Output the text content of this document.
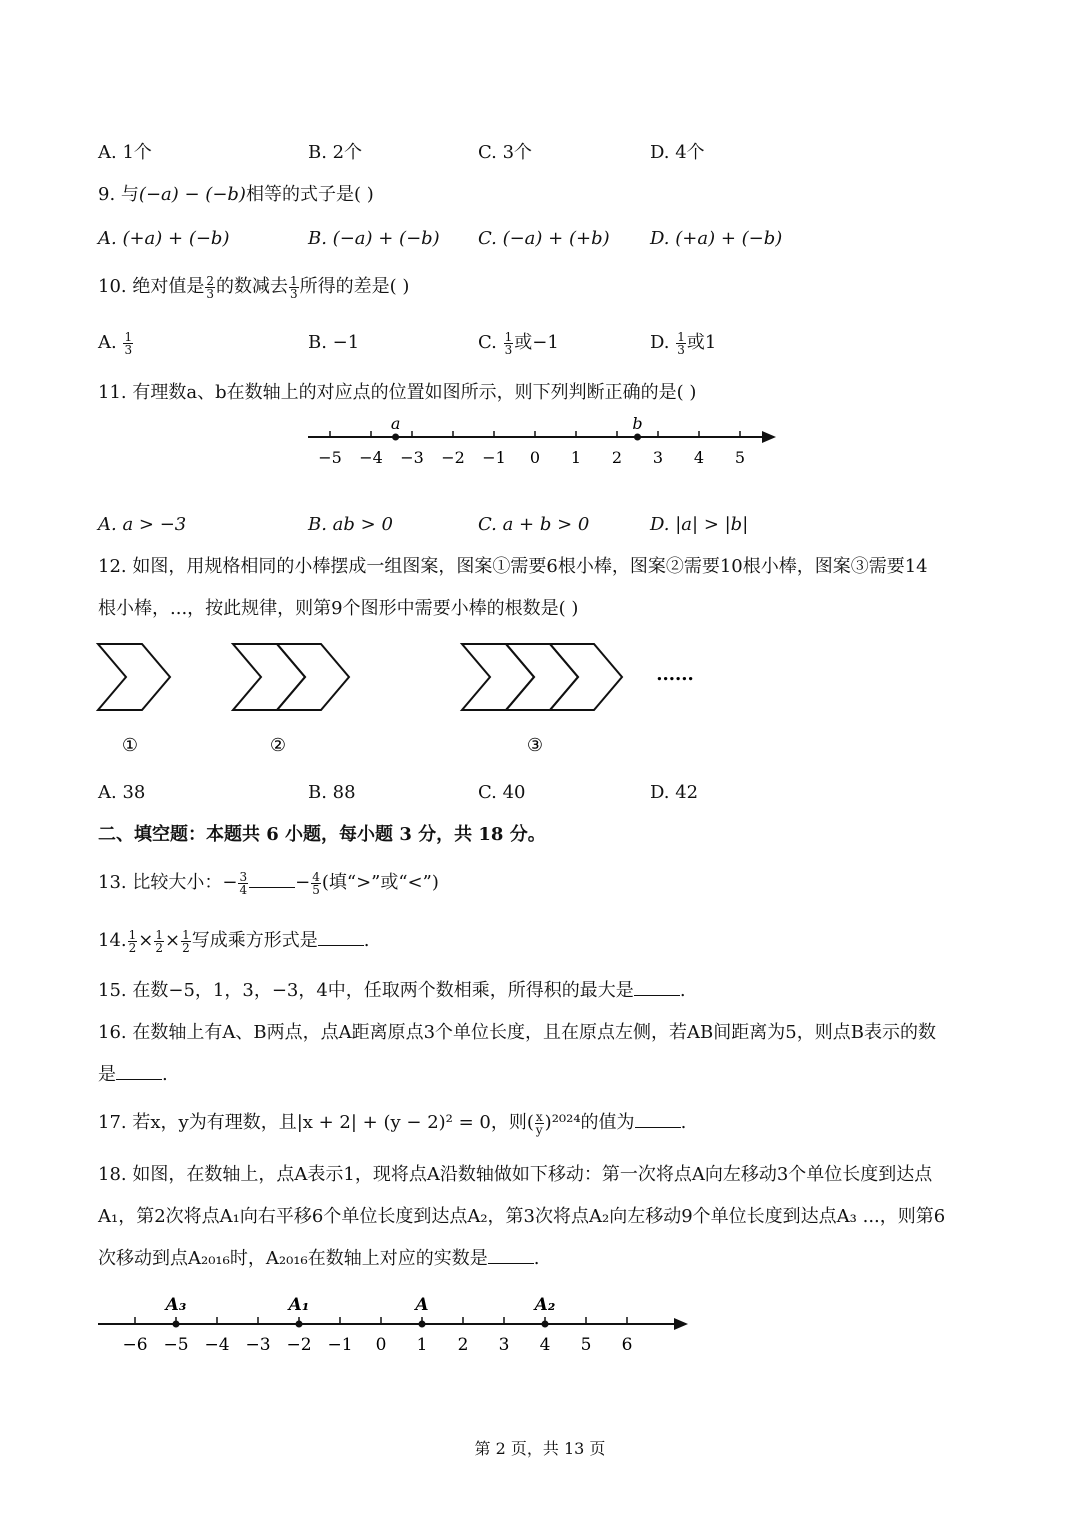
A. 1个	B. 2个	C. 3个	D. 4个
9. 与(−a) − (−b)相等的式子是( )
A. (+a) + (−b)	B. (−a) + (−b) C. (−a) + (+b) D. (+a) + (−b)
10. 绝对值是 $\frac{2}{3}$ 的数减去 $\frac{1}{3}$ 所得的差是( )
A. $\frac{1}{3}$	B. −1	C. $\frac{1}{3}$ 或−1	D. $\frac{1}{3}$ 或1
11. 有理数a、b在数轴上的对应点的位置如图所示，则下列判断正确的是( )
−5 −4 −3 −2 −1 0 1 2 3 4 5
a	b
A. a > −3	B. ab > 0	C. a + b > 0	D. |a| > |b|
12. 如图，用规格相同的小棒摆成一组图案，图案①需要6根小棒，图案②需要10根小棒，图案③需要14
根小棒，...，按此规律，则第9个图形中需要小棒的根数是( )
①	②	③
......
A. 38	B. 88	C. 40	D. 42
二、填空题：本题共 6 小题，每小题 3 分，共 18 分。
13. 比较大小：− $\frac{3}{4}$	− $\frac{4}{5}$ (填“>”或“<”)
14. $\frac{1}{2} \times \frac{1}{2} \times \frac{1}{2}$ 写成乘方形式是	.
15. 在数−5，1，3，−3，4中，任取两个数相乘，所得积的最大是	.
16. 在数轴上有A、B两点，点A距离原点3个单位长度，且在原点左侧，若AB间距离为5，则点B表示的数
是	.
17. 若x，y为有理数，且|x + 2| + (y − 2)² = 0，则( $\frac{x}{y} )^{2024}$的值为	.
18. 如图，在数轴上，点A表示1，现将点A沿数轴做如下移动：第一次将点A向左移动3个单位长度到达点
A₁，第2次将点A₁向右平移6个单位长度到达点A₂，第3次将点A₂向左移动9个单位长度到达点A₃ ...，则第6
次移动到点A₂₀₁₆时，A₂₀₁₆在数轴上对应的实数是	.
−6 −5 −4 −3 −2 −1 0 1 2 3 4 5 6
A₃	A₁	A	A₂
第 2 页，共 13 页
